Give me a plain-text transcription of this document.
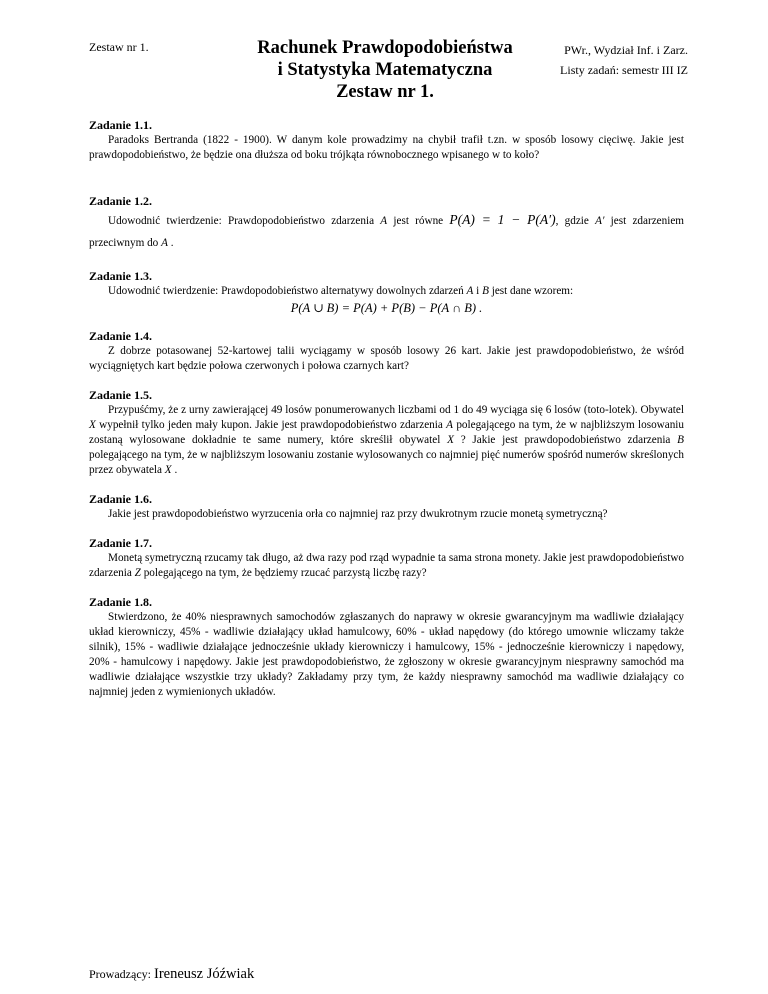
Zestaw nr 1.	Rachunek Prawdopodobieństwa
i Statystyka Matematyczna
Zestaw nr 1.
PWr., Wydział Inf. i Zarz.
Listy zadań: semestr III IZ
Zadanie 1.1.

Paradoks Bertranda (1822 - 1900). W danym kole prowadzimy na chybił trafił t.zn. w sposób losowy cięciwę. Jakie jest prawdopodobieństwo, że będzie ona dłuższa od boku trójkąta równobocznego wpisanego w to koło?

Zadanie 1.2.

Udowodnić twierdzenie: Prawdopodobieństwo zdarzenia A jest równe P(A) = 1 − P(A′), gdzie A′ jest zdarzeniem przeciwnym do A .

Zadanie 1.3.

Udowodnić twierdzenie: Prawdopodobieństwo alternatywy dowolnych zdarzeń A i B jest dane wzorem:

P(A ∪ B) = P(A) + P(B) − P(A ∩ B) .
Zadanie 1.4.

Z dobrze potasowanej 52-kartowej talii wyciągamy w sposób losowy 26 kart. Jakie jest prawdopodobieństwo, że wśród wyciągniętych kart będzie połowa czerwonych i połowa czarnych kart?

Zadanie 1.5.

Przypuśćmy, że z urny zawierającej 49 losów ponumerowanych liczbami od 1 do 49 wyciąga się 6 losów (toto-lotek). Obywatel X wypełnił tylko jeden mały kupon. Jakie jest prawdopodobieństwo zdarzenia A polegającego na tym, że w najbliższym losowaniu zostaną wylosowane dokładnie te same numery, które skreślił obywatel X ? Jakie jest prawdopodobieństwo zdarzenia B polegającego na tym, że w najbliższym losowaniu zostanie wylosowanych co najmniej pięć numerów spośród numerów skreślonych przez obywatela X .

Zadanie 1.6.

Jakie jest prawdopodobieństwo wyrzucenia orła co najmniej raz przy dwukrotnym rzucie monetą symetryczną?

Zadanie 1.7.

Monetą symetryczną rzucamy tak długo, aż dwa razy pod rząd wypadnie ta sama strona monety. Jakie jest prawdopodobieństwo zdarzenia Z polegającego na tym, że będziemy rzucać parzystą liczbę razy?

Zadanie 1.8.

Stwierdzono, że 40% niesprawnych samochodów zgłaszanych do naprawy w okresie gwarancyjnym ma wadliwie działający układ kierowniczy, 45% - wadliwie działający układ hamulcowy, 60% - układ napędowy (do którego umownie wliczamy także silnik), 15% - wadliwie działające jednocześnie układy kierowniczy i hamulcowy, 15% - jednocześnie kierowniczy i napędowy, 20% - hamulcowy i napędowy. Jakie jest prawdopodobieństwo, że zgłoszony w okresie gwarancyjnym niesprawny samochód ma wadliwie działające wszystkie trzy układy? Zakładamy przy tym, że każdy niesprawny samochód ma wadliwie działający co najmniej jeden z wymienionych układów.

Prowadzący: Ireneusz Jóźwiak
